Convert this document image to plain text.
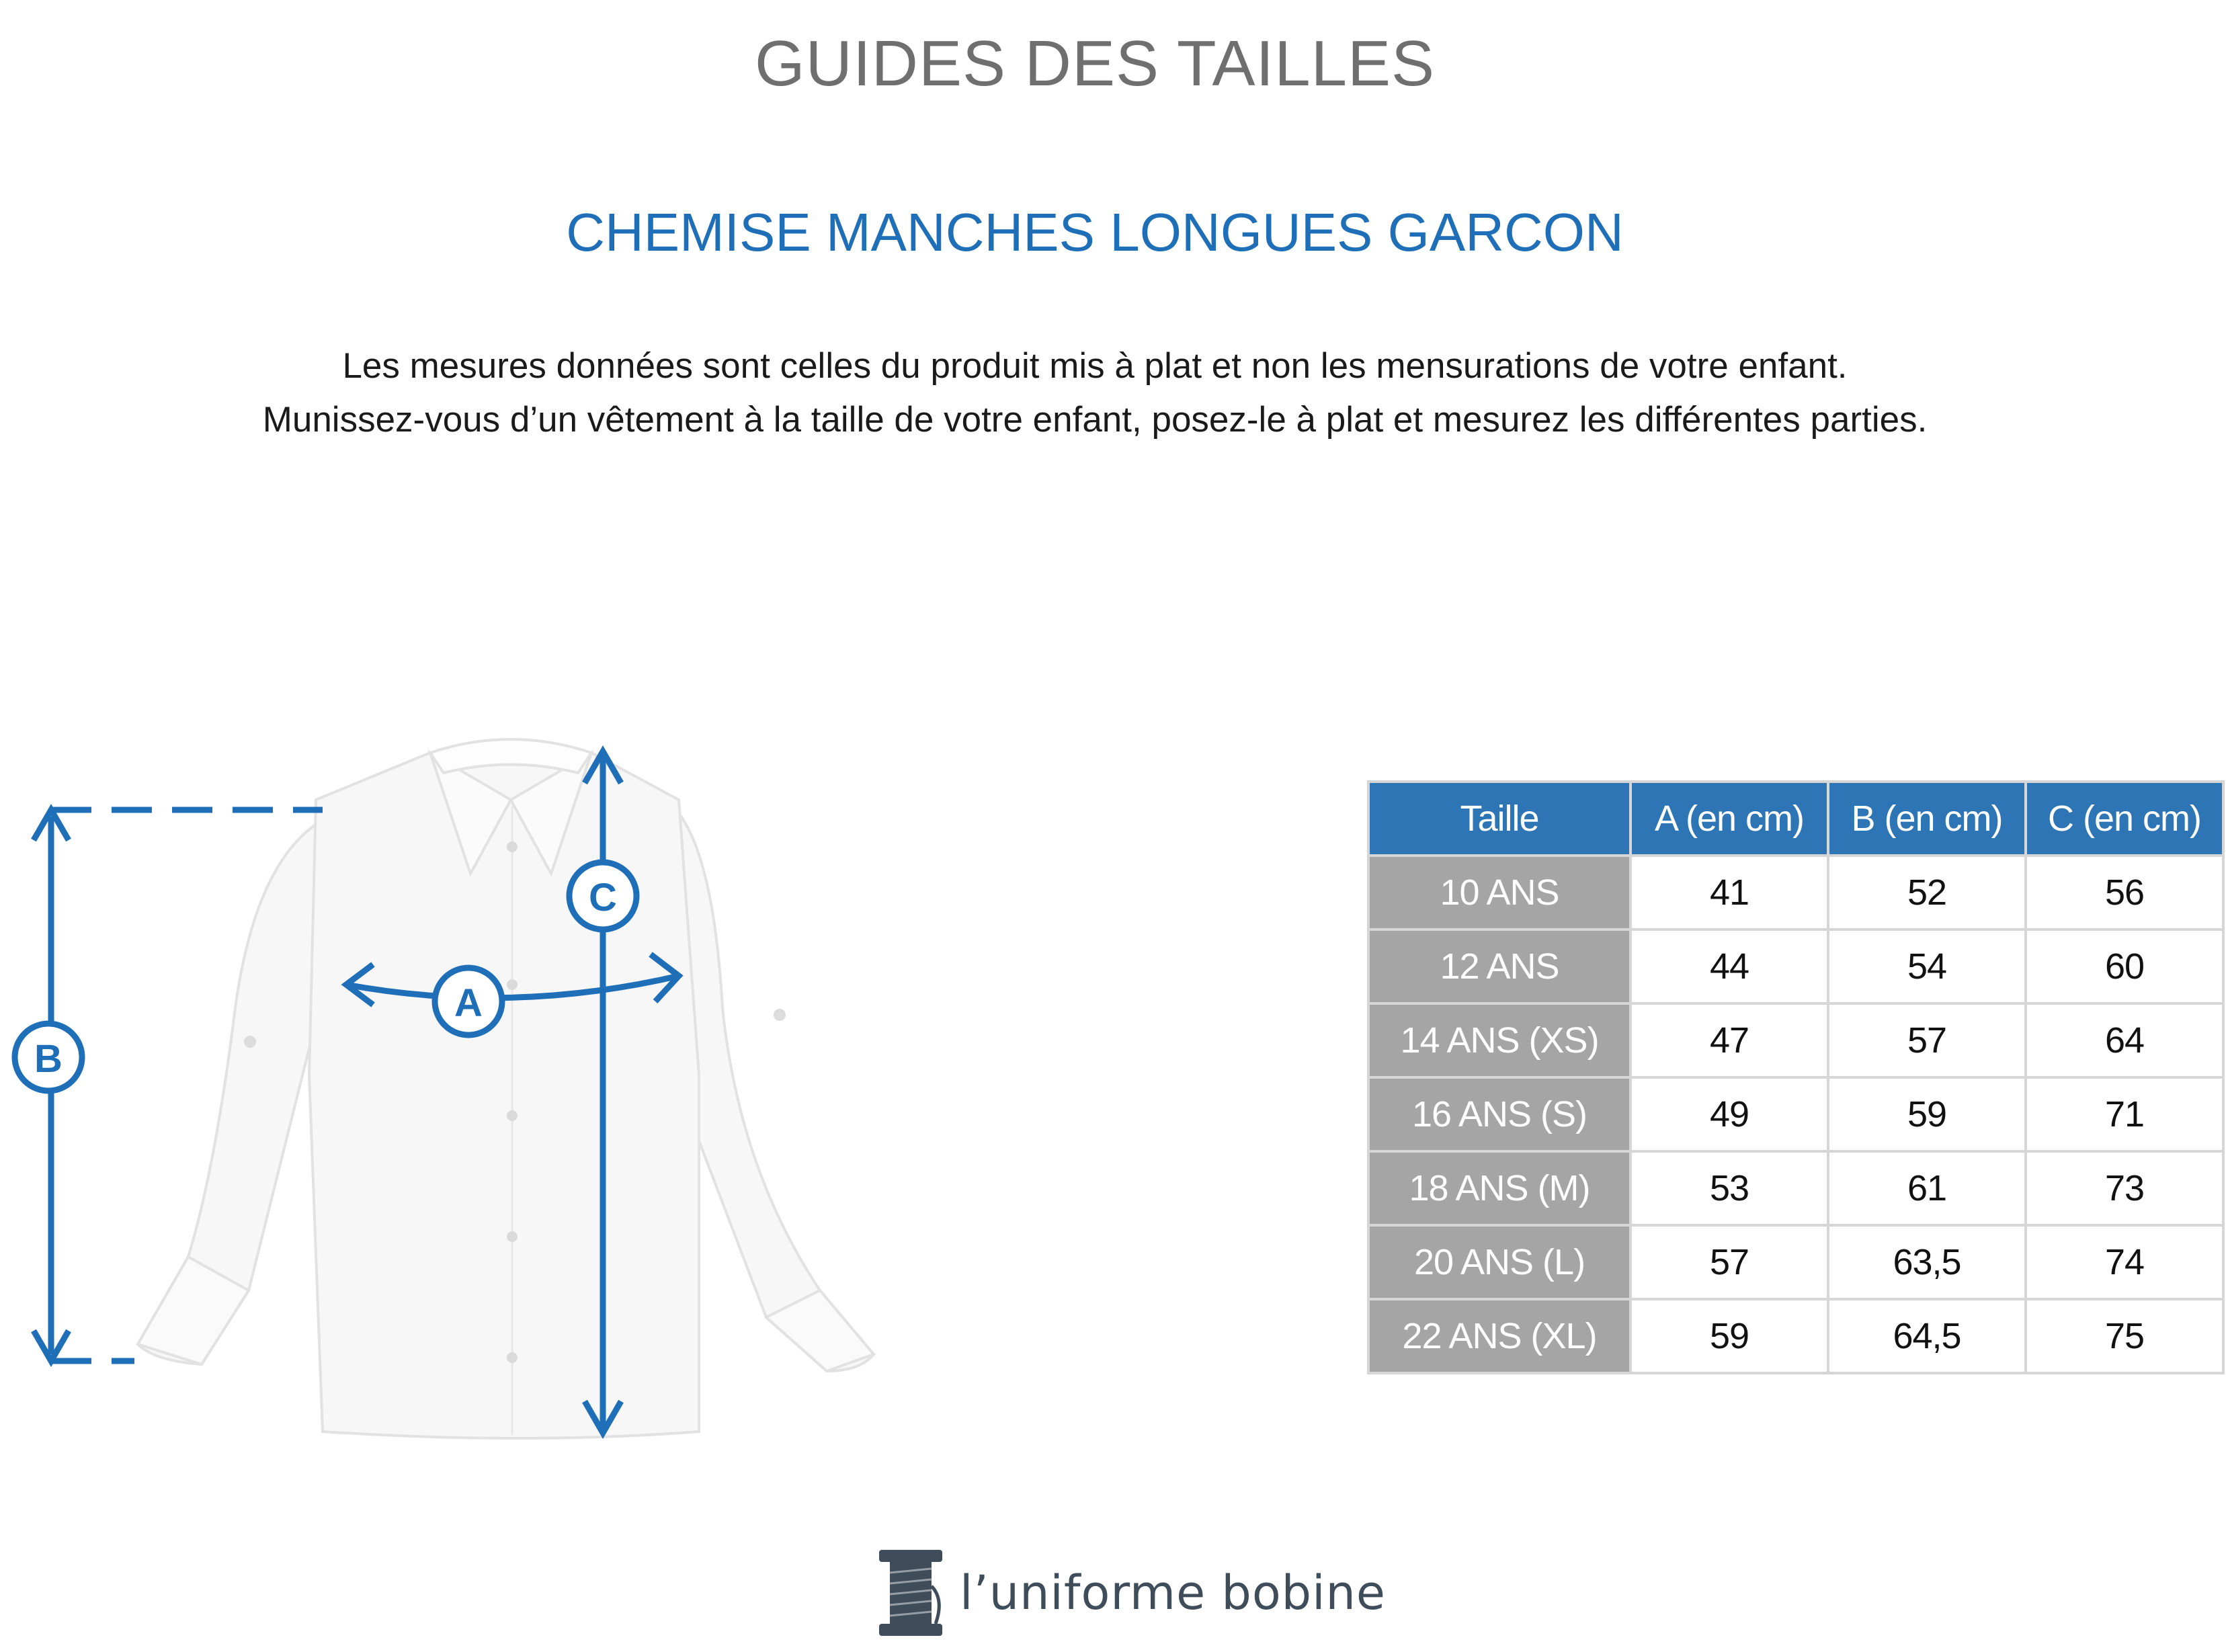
GUIDES DES TAILLES
CHEMISE MANCHES LONGUES GARCON

Les mesures données sont celles du produit mis à plat et non les mensurations de votre enfant.

Munissez-vous d’un vêtement à la taille de votre enfant, posez-le à plat et mesurez les différentes parties.

B
A
C
Taille	A (en cm)	B (en cm)	C (en cm)
10 ANS	41	52	56
12 ANS	44	54	60
14 ANS (XS)	47	57	64
16 ANS (S)	49	59	71
18 ANS (M)	53	61	73
20 ANS (L)	57	63,5	74
22 ANS (XL)	59	64,5	75
l’uniforme bobine
